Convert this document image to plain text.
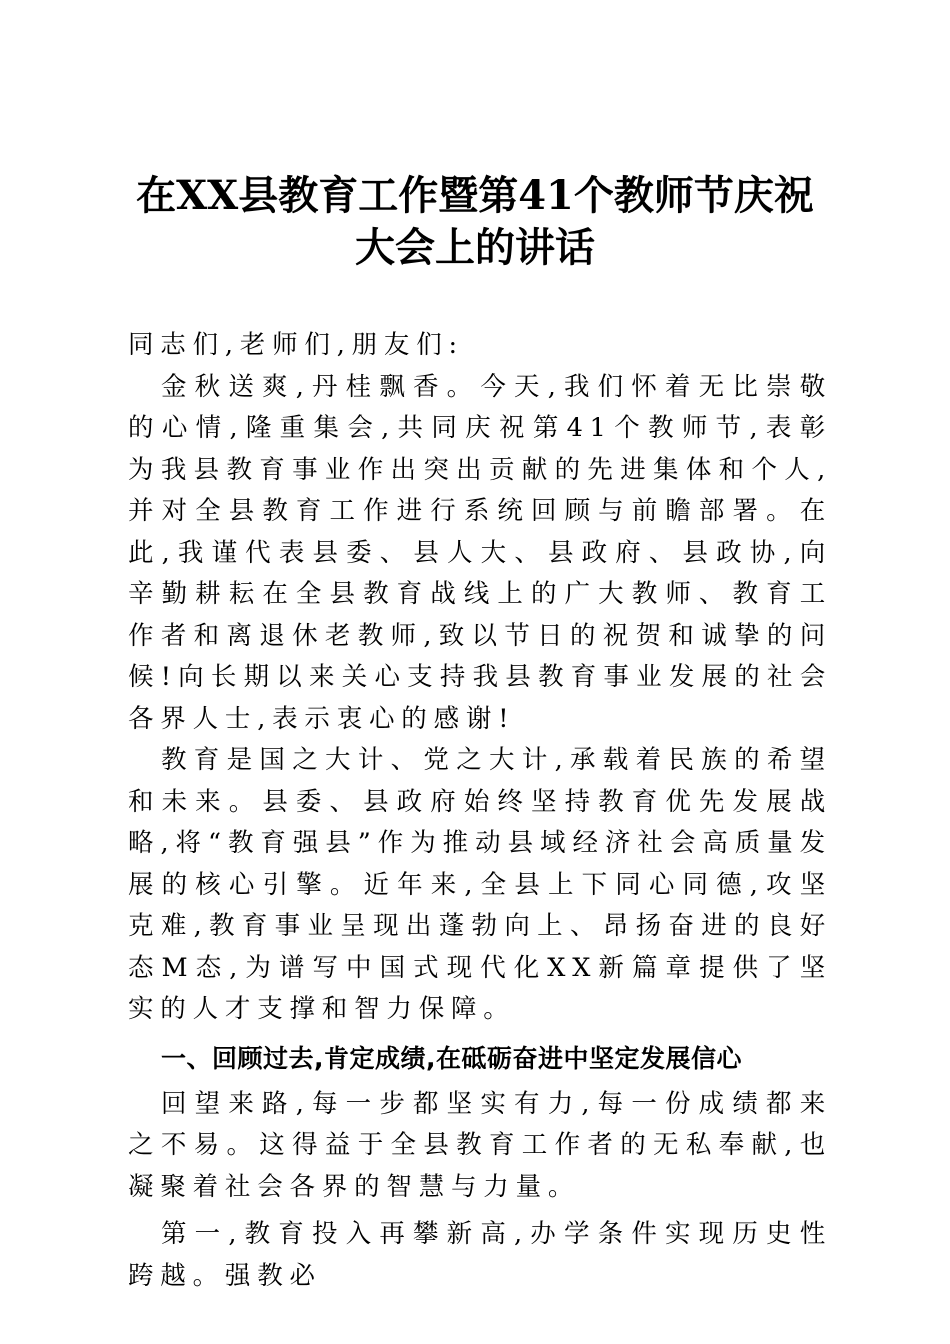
在XX县教育工作暨第41个教师节庆祝
大会上的讲话

同志们,老师们,朋友们:

金秋送爽,丹桂飘香。今天,我们怀着无比崇敬的心情,隆重集会,共同庆祝第41个教师节,表彰为我县教育事业作出突出贡献的先进集体和个人,并对全县教育工作进行系统回顾与前瞻部署。在此,我谨代表县委、县人大、县政府、县政协,向辛勤耕耘在全县教育战线上的广大教师、教育工作者和离退休老教师,致以节日的祝贺和诚挚的问候!向长期以来关心支持我县教育事业发展的社会各界人士,表示衷心的感谢!

教育是国之大计、党之大计,承载着民族的希望和未来。县委、县政府始终坚持教育优先发展战略,将“教育强县”作为推动县域经济社会高质量发展的核心引擎。近年来,全县上下同心同德,攻坚克难,教育事业呈现出蓬勃向上、昂扬奋进的良好态M态,为谱写中国式现代化XX新篇章提供了坚实的人才支撑和智力保障。

一、回顾过去,肯定成绩,在砥砺奋进中坚定发展信心

回望来路,每一步都坚实有力,每一份成绩都来之不易。这得益于全县教育工作者的无私奉献,也凝聚着社会各界的智慧与力量。

第一,教育投入再攀新高,办学条件实现历史性跨越。强教必
